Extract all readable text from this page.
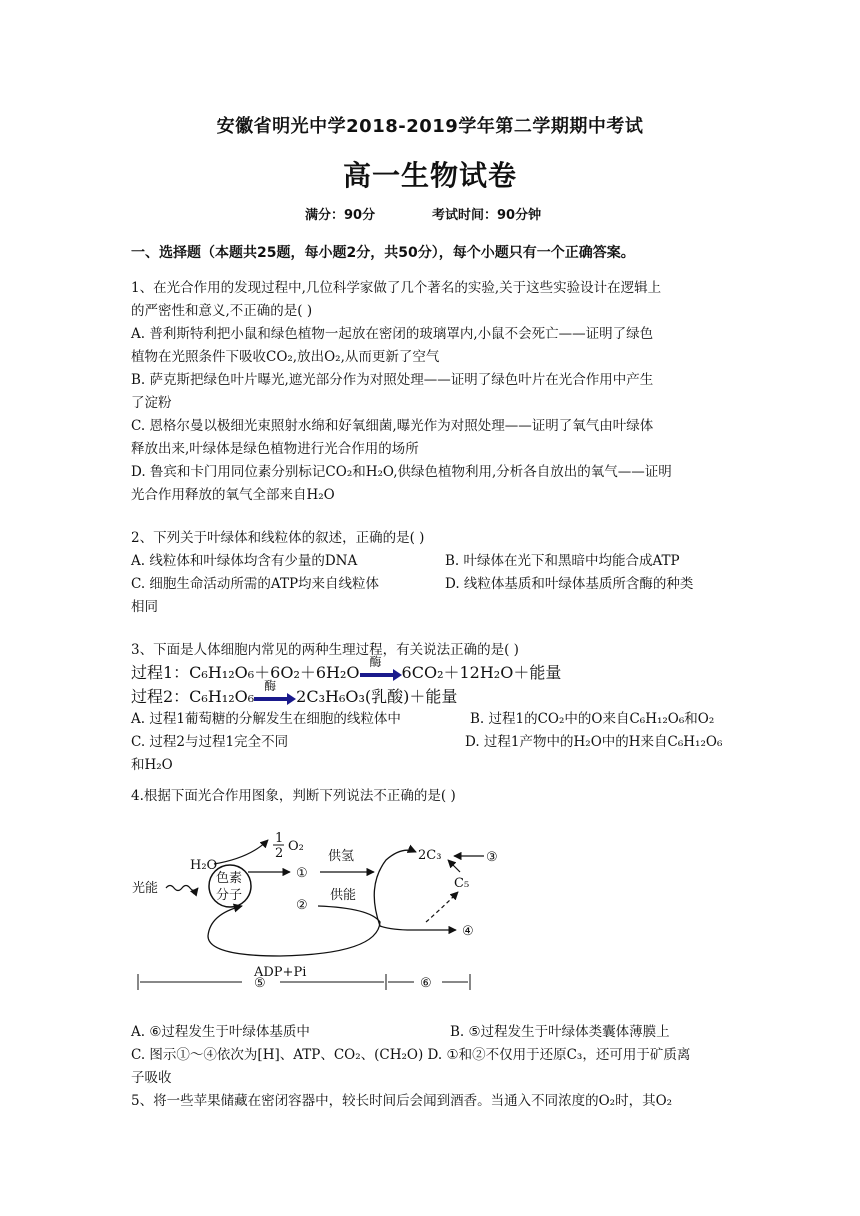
安徽省明光中学2018-2019学年第二学期期中考试
高一生物试卷
满分：90分	考试时间：90分钟
一、选择题（本题共25题，每小题2分，共50分），每个小题只有一个正确答案。
1、在光合作用的发现过程中,几位科学家做了几个著名的实验,关于这些实验设计在逻辑上
的严密性和意义,不正确的是( )
A. 普利斯特利把小鼠和绿色植物一起放在密闭的玻璃罩内,小鼠不会死亡——证明了绿色
植物在光照条件下吸收CO₂,放出O₂,从而更新了空气
B. 萨克斯把绿色叶片曝光,遮光部分作为对照处理——证明了绿色叶片在光合作用中产生
了淀粉
C. 恩格尔曼以极细光束照射水绵和好氧细菌,曝光作为对照处理——证明了氧气由叶绿体
释放出来,叶绿体是绿色植物进行光合作用的场所
D. 鲁宾和卡门用同位素分别标记CO₂和H₂O,供绿色植物利用,分析各自放出的氧气——证明
光合作用释放的氧气全部来自H₂O
2、下列关于叶绿体和线粒体的叙述，正确的是( )
A. 线粒体和叶绿体均含有少量的DNA	B. 叶绿体在光下和黑暗中均能合成ATP
C. 细胞生命活动所需的ATP均来自线粒体	D. 线粒体基质和叶绿体基质所含酶的种类
相同
3、下面是人体细胞内常见的两种生理过程，有关说法正确的是( )
过程1：C₆H₁₂O₆＋6O₂＋6H₂O
酶
6CO₂＋12H₂O＋能量
过程2：C₆H₁₂O₆
酶
2C₃H₆O₃(乳酸)＋能量
A. 过程1葡萄糖的分解发生在细胞的线粒体中	B. 过程1的CO₂中的O来自C₆H₁₂O₆和O₂
C. 过程2与过程1完全不同	D. 过程1产物中的H₂O中的H来自C₆H₁₂O₆
和H₂O
4.根据下面光合作用图象，判断下列说法不正确的是( )
光能
色素
分子
H₂O
1
2 O₂
①
②
供氢
供能
ADP+Pi
2C₃	③
C₅
④
⑤	⑥
A. ⑥过程发生于叶绿体基质中	B. ⑤过程发生于叶绿体类囊体薄膜上
C. 图示①～④依次为[H]、ATP、CO₂、(CH₂O) D. ①和②不仅用于还原C₃，还可用于矿质离
子吸收
5、将一些苹果储藏在密闭容器中，较长时间后会闻到酒香。当通入不同浓度的O₂时，其O₂
